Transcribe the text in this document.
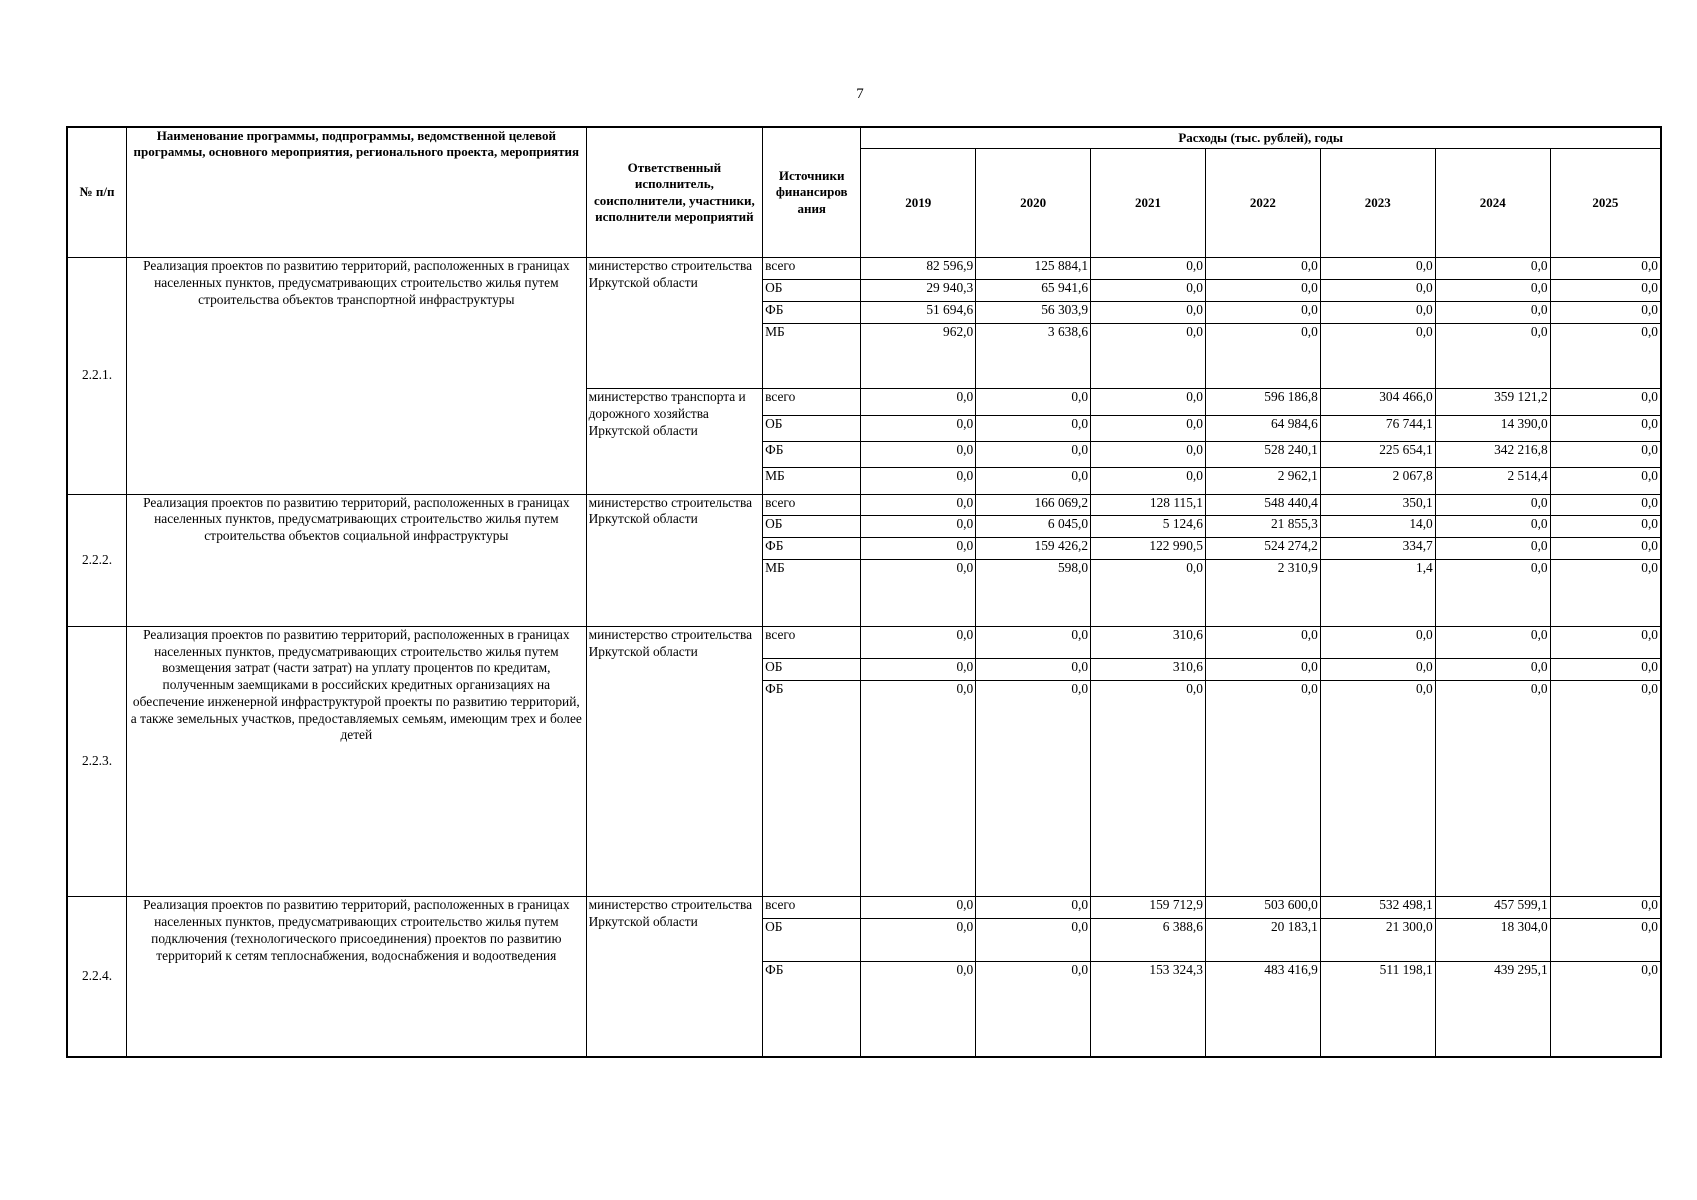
7
№ п/п	Наименование программы, подпрограммы, ведомственной целевой программы, основного мероприятия, регионального проекта, мероприятия	Ответственный исполнитель, соисполнители, участники, исполнители мероприятий	Источники финансиров ания	Расходы (тыс. рублей), годы						
				2019	2020	2021	2022	2023	2024	2025
2.2.1.	Реализация проектов по развитию территорий, расположенных в границах населенных пунктов, предусматривающих строительство жилья путем строительства объектов транспортной инфраструктуры	министерство строительства Иркутской области	всего	82 596,9	125 884,1	0,0	0,0	0,0	0,0	0,0
			ОБ	29 940,3	65 941,6	0,0	0,0	0,0	0,0	0,0
			ФБ	51 694,6	56 303,9	0,0	0,0	0,0	0,0	0,0
			МБ	962,0	3 638,6	0,0	0,0	0,0	0,0	0,0
		министерство транспорта и дорожного хозяйства Иркутской области	всего	0,0	0,0	0,0	596 186,8	304 466,0	359 121,2	0,0
			ОБ	0,0	0,0	0,0	64 984,6	76 744,1	14 390,0	0,0
			ФБ	0,0	0,0	0,0	528 240,1	225 654,1	342 216,8	0,0
			МБ	0,0	0,0	0,0	2 962,1	2 067,8	2 514,4	0,0
2.2.2.	Реализация проектов по развитию территорий, расположенных в границах населенных пунктов, предусматривающих строительство жилья путем строительства объектов социальной инфраструктуры	министерство строительства Иркутской области	всего	0,0	166 069,2	128 115,1	548 440,4	350,1	0,0	0,0
			ОБ	0,0	6 045,0	5 124,6	21 855,3	14,0	0,0	0,0
			ФБ	0,0	159 426,2	122 990,5	524 274,2	334,7	0,0	0,0
			МБ	0,0	598,0	0,0	2 310,9	1,4	0,0	0,0
2.2.3.	Реализация проектов по развитию территорий, расположенных в границах населенных пунктов, предусматривающих строительство жилья путем возмещения затрат (части затрат) на уплату процентов по кредитам, полученным заемщиками в российских кредитных организациях на обеспечение инженерной инфраструктурой проекты по развитию территорий, а также земельных участков, предоставляемых семьям, имеющим трех и более детей	министерство строительства Иркутской области	всего	0,0	0,0	310,6	0,0	0,0	0,0	0,0
			ОБ	0,0	0,0	310,6	0,0	0,0	0,0	0,0
			ФБ	0,0	0,0	0,0	0,0	0,0	0,0	0,0
2.2.4.	Реализация проектов по развитию территорий, расположенных в границах населенных пунктов, предусматривающих строительство жилья путем подключения (технологического присоединения) проектов по развитию территорий к сетям теплоснабжения, водоснабжения и водоотведения	министерство строительства Иркутской области	всего	0,0	0,0	159 712,9	503 600,0	532 498,1	457 599,1	0,0
			ОБ	0,0	0,0	6 388,6	20 183,1	21 300,0	18 304,0	0,0
			ФБ	0,0	0,0	153 324,3	483 416,9	511 198,1	439 295,1	0,0
